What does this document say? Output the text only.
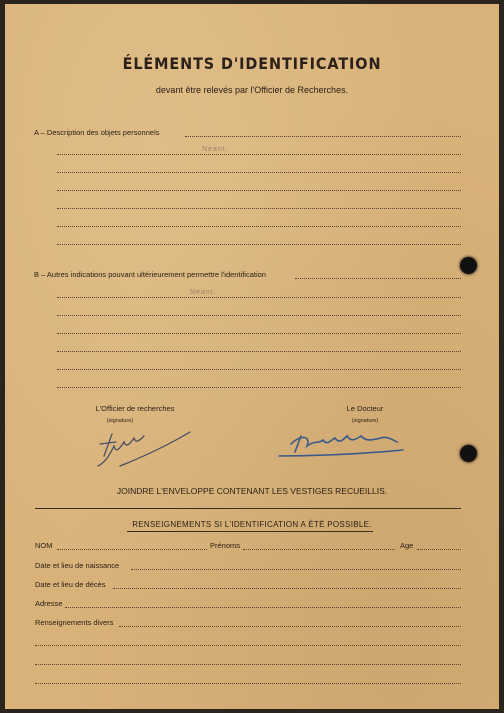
ÉLÉMENTS D'IDENTIFICATION
devant être relevés par l'Officier de Recherches.
A – Description des objets personnels
Néant.
B – Autres indications pouvant ultérieurement permettre l'identification
Néant.
L'Officier de recherches
(signature)
Le Docteur
(signature)
JOINDRE L'ENVELOPPE CONTENANT LES VESTIGES RECUEILLIS.
RENSEIGNEMENTS SI L'IDENTIFICATION A ÉTÉ POSSIBLE.
NOM	Prénoms	Age
Date et lieu de naissance
Date et lieu de décès
Adresse
Renseignements divers
